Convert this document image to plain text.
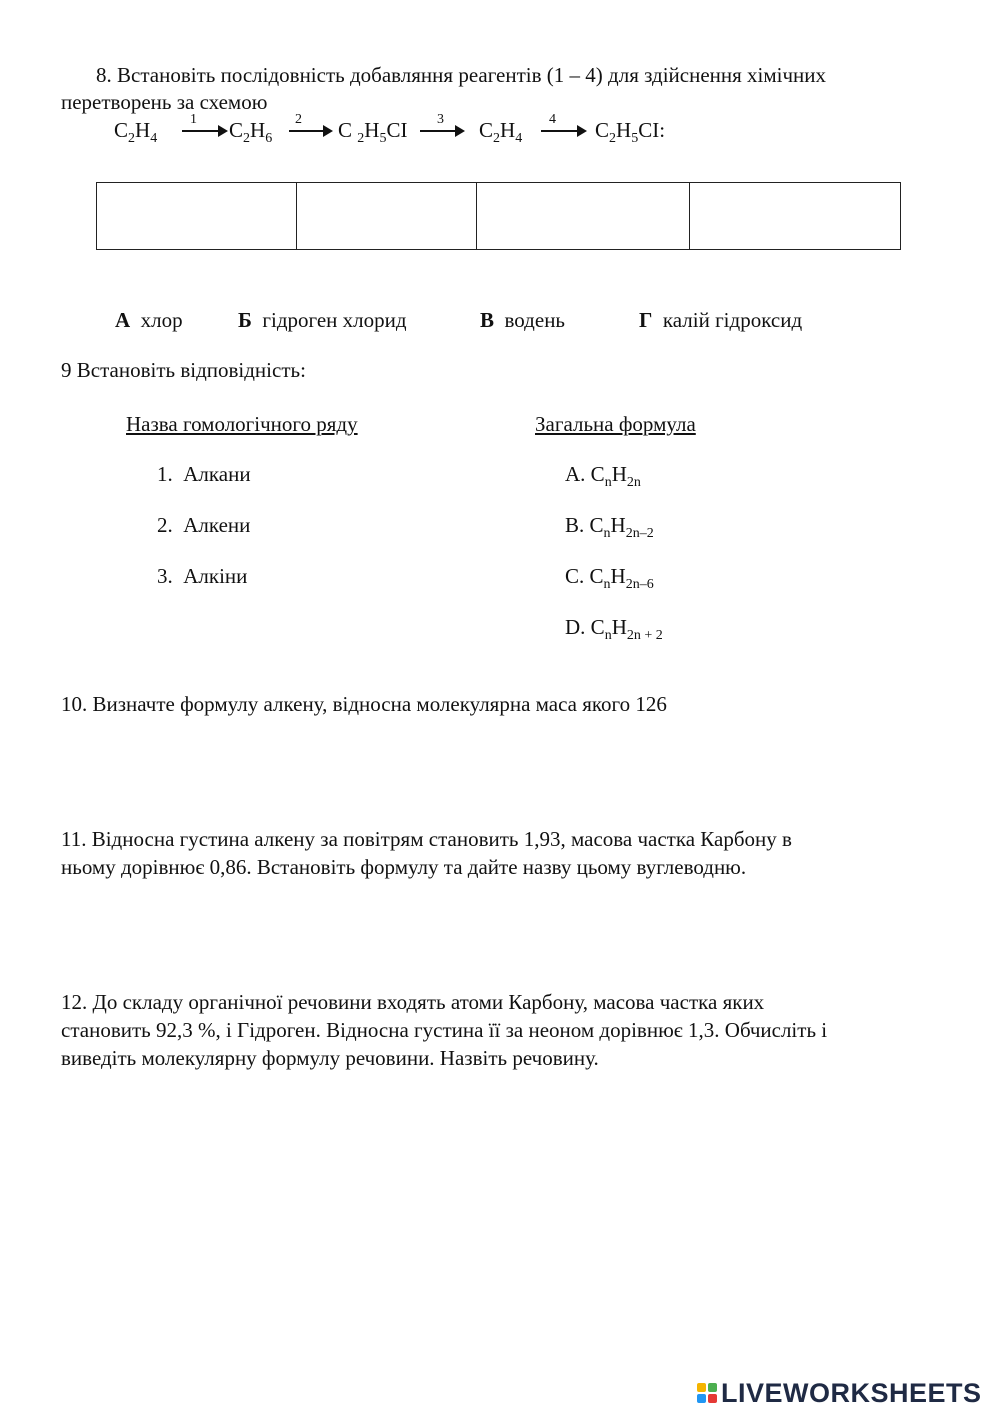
8. Встановіть послідовність добавляння реагентів (1 – 4) для здійснення хімічних
перетворень за схемою
$C_2H_4$
1 $C_2H_6$
2 C $_2H_5CI$ 3 $C_2H_4$
4 $C_2H_5CI$:

А хлор	Б гідроген хлорид	В водень	Г калій гідроксид
9 Встановіть відповідність:
Назва гомологічного ряду	Загальна формула
1. Алкани
2. Алкени
3. Алкіни
A. $C_nH_{2n}$
B. $C_nH_{2n-2}$
C. $C_nH_{2n-6}$
D. $C_nH_{2n + 2}$
10. Визначте формулу алкену, відносна молекулярна маса якого 126
11. Відносна густина алкену за повітрям становить 1,93, масова частка Карбону в
ньому дорівнює 0,86. Встановіть формулу та дайте назву цьому вуглеводню.
12. До складу органічної речовини входять атоми Карбону, масова частка яких
становить 92,3 %, і Гідроген. Відносна густина її за неоном дорівнює 1,3. Обчисліть і
виведіть молекулярну формулу речовини. Назвіть речовину.
LIVEWORKSHEETS
